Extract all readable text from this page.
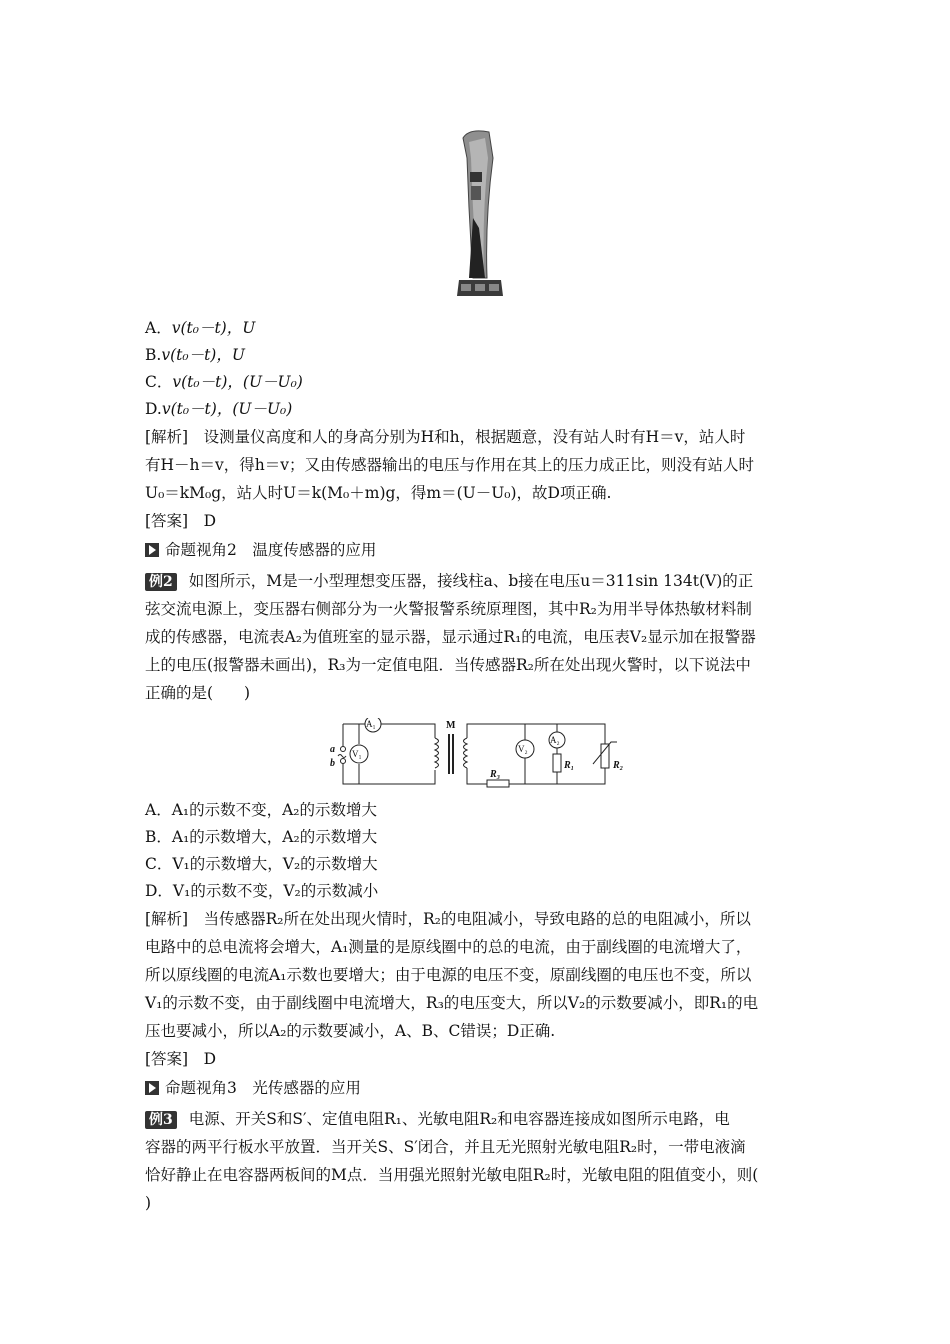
A．v(t₀－t)，U
B.v(t₀－t)，U
C．v(t₀－t)，(U－U₀)
D.v(t₀－t)，(U－U₀)
[解析]　设测量仪高度和人的身高分别为H和h，根据题意，没有站人时有H＝v，站人时
有H－h＝v，得h＝v；又由传感器输出的电压与作用在其上的压力成正比，则没有站人时
U₀＝kM₀g，站人时U＝k(M₀＋m)g，得m＝(U－U₀)，故D项正确.
[答案]　D
命题视角2　温度传感器的应用
例2 如图所示，M是一小型理想变压器，接线柱a、b接在电压u＝311sin 134t(V)的正
弦交流电源上，变压器右侧部分为一火警报警系统原理图，其中R₂为用半导体热敏材料制
成的传感器，电流表A₂为值班室的显示器，显示通过R₁的电流，电压表V₂显示加在报警器
上的电压(报警器未画出)，R₃为一定值电阻．当传感器R₂所在处出现火警时，以下说法中
正确的是(　　)
a
b
M
A₁
V₁	V₂
A₂
R₁	R₂
R₃
A．A₁的示数不变，A₂的示数增大
B．A₁的示数增大，A₂的示数增大
C．V₁的示数增大，V₂的示数增大
D．V₁的示数不变，V₂的示数减小
[解析]　当传感器R₂所在处出现火情时，R₂的电阻减小，导致电路的总的电阻减小，所以
电路中的总电流将会增大，A₁测量的是原线圈中的总的电流，由于副线圈的电流增大了，
所以原线圈的电流A₁示数也要增大；由于电源的电压不变，原副线圈的电压也不变，所以
V₁的示数不变，由于副线圈中电流增大，R₃的电压变大，所以V₂的示数要减小，即R₁的电
压也要减小，所以A₂的示数要减小，A、B、C错误；D正确.
[答案]　D
命题视角3　光传感器的应用
例3 电源、开关S和S′、定值电阻R₁、光敏电阻R₂和电容器连接成如图所示电路，电
容器的两平行板水平放置．当开关S、S′闭合，并且无光照射光敏电阻R₂时，一带电液滴
恰好静止在电容器两板间的M点．当用强光照射光敏电阻R₂时，光敏电阻的阻值变小，则(
)
